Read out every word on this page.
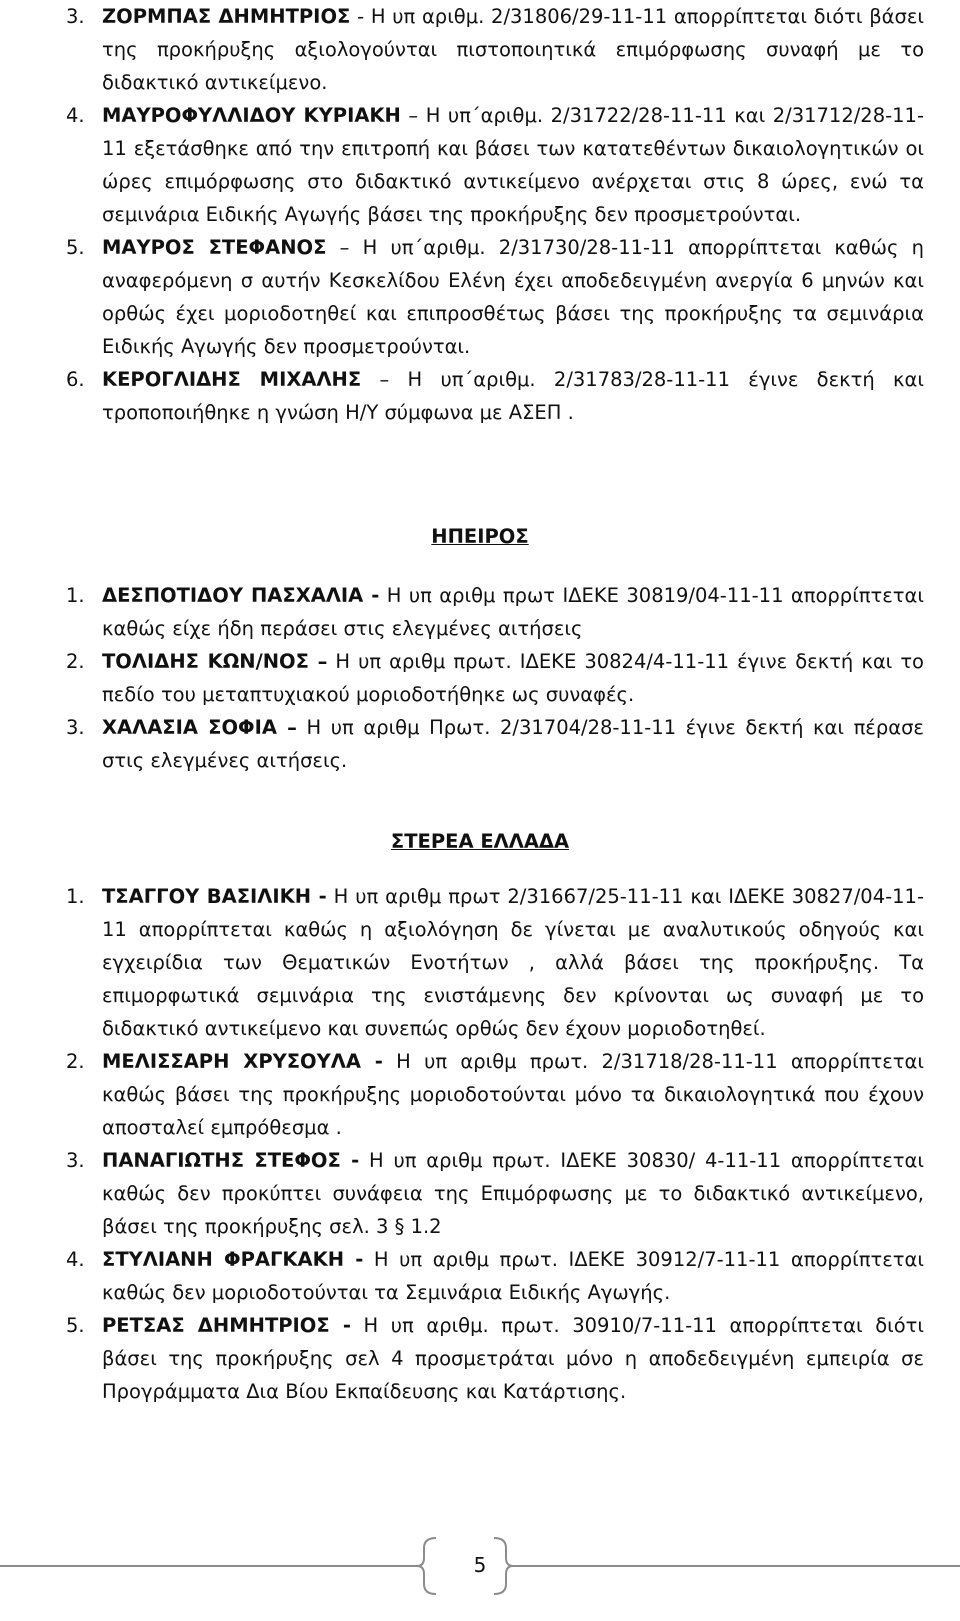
3. ΖΟΡΜΠΑΣ ΔΗΜΗΤΡΙΟΣ - Η υπ αριθμ. 2/31806/29-11-11 απορρίπτεται διότι βάσει της προκήρυξης αξιολογούνται πιστοποιητικά επιμόρφωσης συναφή με το διδακτικό αντικείμενο.
4. ΜΑΥΡΟΦΥΛΛΙΔΟΥ ΚΥΡΙΑΚΗ – Η υπ΄αριθμ. 2/31722/28-11-11 και 2/31712/28-11-11 εξετάσθηκε από την επιτροπή και βάσει των κατατεθέντων δικαιολογητικών οι ώρες επιμόρφωσης στο διδακτικό αντικείμενο ανέρχεται στις 8 ώρες, ενώ τα σεμινάρια Ειδικής Αγωγής βάσει της προκήρυξης δεν προσμετρούνται.
5. ΜΑΥΡΟΣ ΣΤΕΦΑΝΟΣ – Η υπ΄αριθμ. 2/31730/28-11-11 απορρίπτεται καθώς η αναφερόμενη σ αυτήν Κεσκελίδου Ελένη έχει αποδεδειγμένη ανεργία 6 μηνών και ορθώς έχει μοριοδοτηθεί και επιπροσθέτως βάσει της προκήρυξης τα σεμινάρια Ειδικής Αγωγής δεν προσμετρούνται.
6. ΚΕΡΟΓΛΙΔΗΣ ΜΙΧΑΛΗΣ – Η υπ΄αριθμ. 2/31783/28-11-11 έγινε δεκτή και τροποποιήθηκε η γνώση Η/Υ σύμφωνα με ΑΣΕΠ .
ΗΠΕΙΡΟΣ
1. ΔΕΣΠΟΤΙΔΟΥ ΠΑΣΧΑΛΙΑ - Η υπ αριθμ πρωτ ΙΔΕΚΕ 30819/04-11-11 απορρίπτεται καθώς είχε ήδη περάσει στις ελεγμένες αιτήσεις
2. ΤΟΛΙΔΗΣ ΚΩΝ/ΝΟΣ – Η υπ αριθμ πρωτ. ΙΔΕΚΕ 30824/4-11-11 έγινε δεκτή και το πεδίο του μεταπτυχιακού μοριοδοτήθηκε ως συναφές.
3. ΧΑΛΑΣΙΑ ΣΟΦΙΑ – Η υπ αριθμ Πρωτ. 2/31704/28-11-11 έγινε δεκτή και πέρασε στις ελεγμένες αιτήσεις.
ΣΤΕΡΕΑ ΕΛΛΑΔΑ
1. ΤΣΑΓΓΟΥ ΒΑΣΙΛΙΚΗ - Η υπ αριθμ πρωτ 2/31667/25-11-11 και ΙΔΕΚΕ 30827/04-11-11 απορρίπτεται καθώς η αξιολόγηση δε γίνεται με αναλυτικούς οδηγούς και εγχειρίδια των Θεματικών Ενοτήτων , αλλά βάσει της προκήρυξης. Τα επιμορφωτικά σεμινάρια της ενιστάμενης δεν κρίνονται ως συναφή με το διδακτικό αντικείμενο και συνεπώς ορθώς δεν έχουν μοριοδοτηθεί.
2. ΜΕΛΙΣΣΑΡΗ ΧΡΥΣΟΥΛΑ - Η υπ αριθμ πρωτ. 2/31718/28-11-11 απορρίπτεται καθώς βάσει της προκήρυξης μοριοδοτούνται μόνο τα δικαιολογητικά που έχουν αποσταλεί εμπρόθεσμα .
3. ΠΑΝΑΓΙΩΤΗΣ ΣΤΕΦΟΣ - Η υπ αριθμ πρωτ. ΙΔΕΚΕ 30830/ 4-11-11 απορρίπτεται καθώς δεν προκύπτει συνάφεια της Επιμόρφωσης με το διδακτικό αντικείμενο, βάσει της προκήρυξης σελ. 3 § 1.2
4. ΣΤΥΛΙΑΝΗ ΦΡΑΓΚΑΚΗ - Η υπ αριθμ πρωτ. ΙΔΕΚΕ 30912/7-11-11 απορρίπτεται καθώς δεν μοριοδοτούνται τα Σεμινάρια Ειδικής Αγωγής.
5. ΡΕΤΣΑΣ ΔΗΜΗΤΡΙΟΣ - Η υπ αριθμ. πρωτ. 30910/7-11-11 απορρίπτεται διότι βάσει της προκήρυξης σελ 4 προσμετράται μόνο η αποδεδειγμένη εμπειρία σε Προγράμματα Δια Βίου Εκπαίδευσης και Κατάρτισης.
5
